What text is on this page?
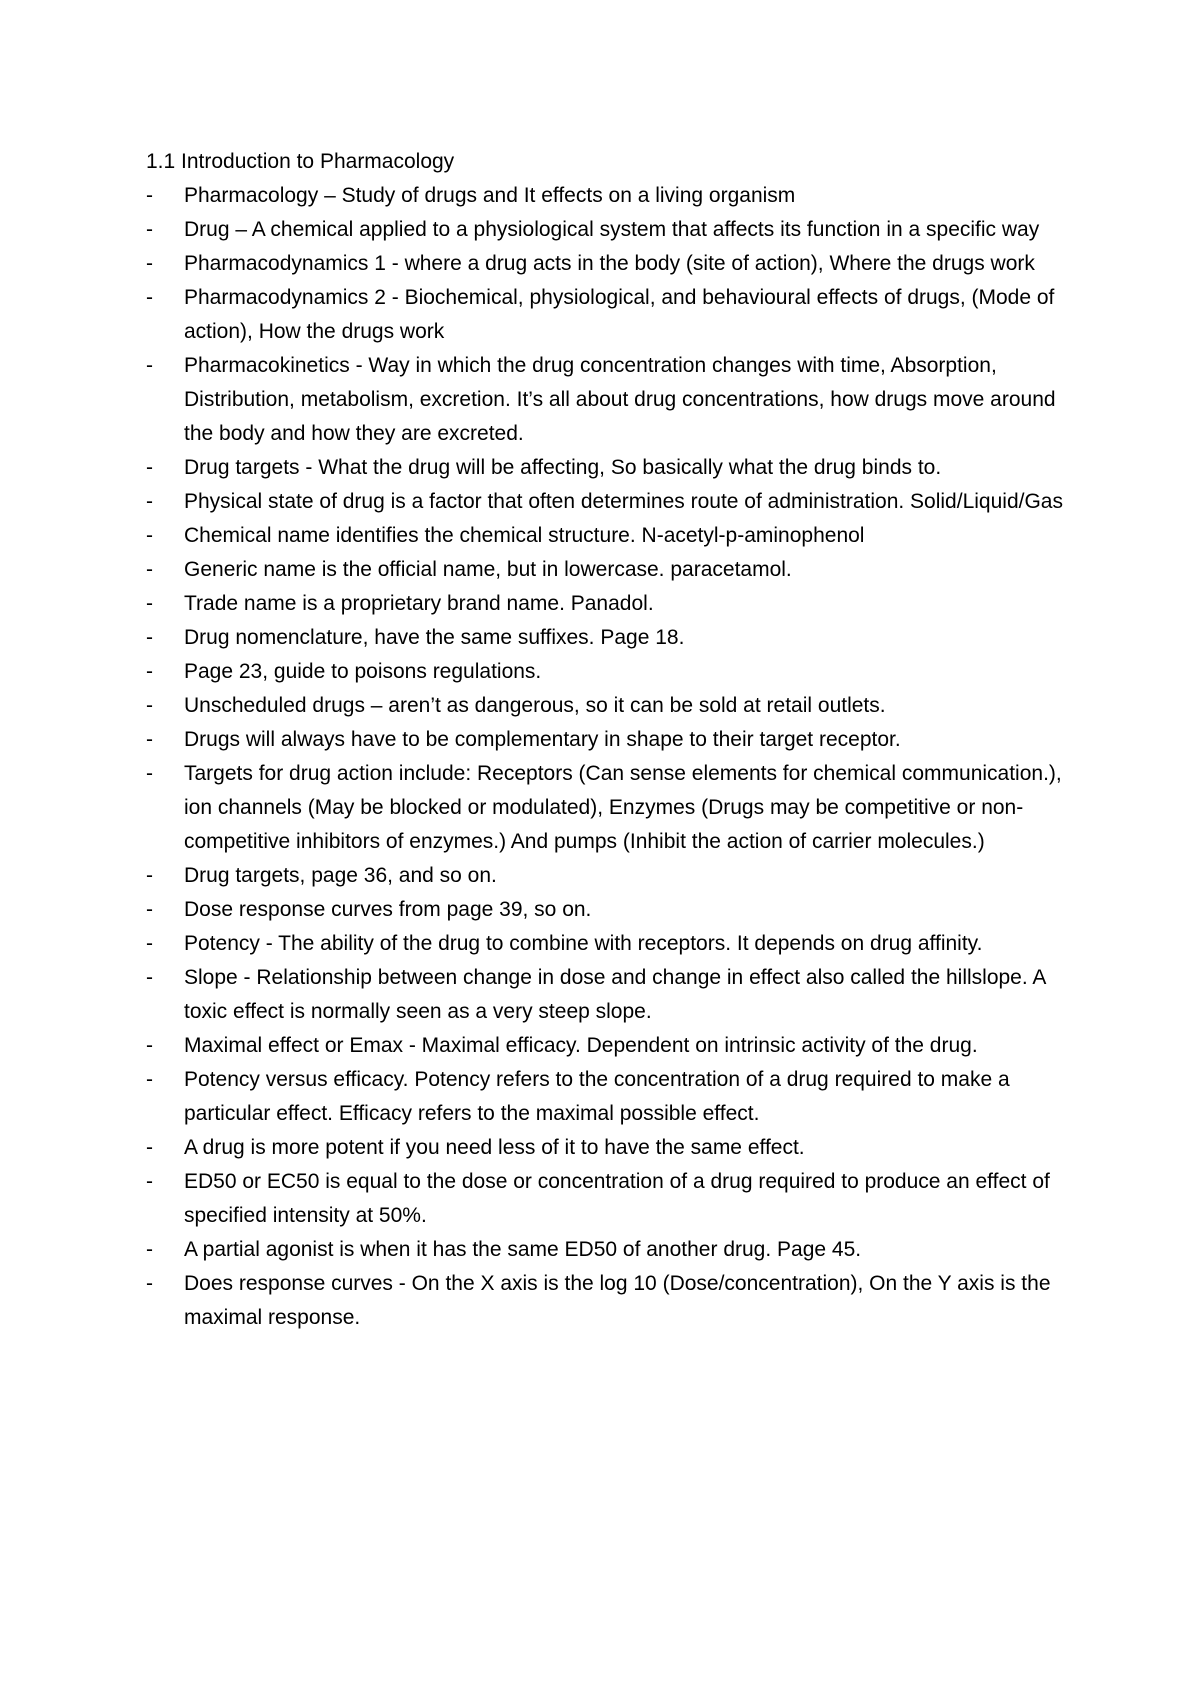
1.1 Introduction to Pharmacology
-	Pharmacology – Study of drugs and It effects on a living organism
-	Drug – A chemical applied to a physiological system that affects its function in a specific way
-	Pharmacodynamics 1 - where a drug acts in the body (site of action), Where the drugs work
-	Pharmacodynamics 2 - Biochemical, physiological, and behavioural effects of drugs, (Mode of action), How the drugs work
-	Pharmacokinetics - Way in which the drug concentration changes with time, Absorption, Distribution, metabolism, excretion. It’s all about drug concentrations, how drugs move around the body and how they are excreted.
-	Drug targets - What the drug will be affecting, So basically what the drug binds to.
-	Physical state of drug is a factor that often determines route of administration. Solid/Liquid/Gas
-	Chemical name identifies the chemical structure. N-acetyl-p-aminophenol
-	Generic name is the official name, but in lowercase. paracetamol.
-	Trade name is a proprietary brand name. Panadol.
-	Drug nomenclature, have the same suffixes. Page 18.
-	Page 23, guide to poisons regulations.
-	Unscheduled drugs – aren’t as dangerous, so it can be sold at retail outlets.
-	Drugs will always have to be complementary in shape to their target receptor.
-	Targets for drug action include: Receptors (Can sense elements for chemical communication.), ion channels (May be blocked or modulated), Enzymes (Drugs may be competitive or non-competitive inhibitors of enzymes.) And pumps (Inhibit the action of carrier molecules.)
-	Drug targets, page 36, and so on.
-	Dose response curves from page 39, so on.
-	Potency - The ability of the drug to combine with receptors. It depends on drug affinity.
-	Slope - Relationship between change in dose and change in effect also called the hillslope. A toxic effect is normally seen as a very steep slope.
-	Maximal effect or Emax - Maximal efficacy. Dependent on intrinsic activity of the drug.
-	Potency versus efficacy. Potency refers to the concentration of a drug required to make a particular effect. Efficacy refers to the maximal possible effect.
-	A drug is more potent if you need less of it to have the same effect.
-	ED50 or EC50 is equal to the dose or concentration of a drug required to produce an effect of specified intensity at 50%.
-	A partial agonist is when it has the same ED50 of another drug. Page 45.
-	Does response curves - On the X axis is the log 10 (Dose/concentration), On the Y axis is the maximal response.
